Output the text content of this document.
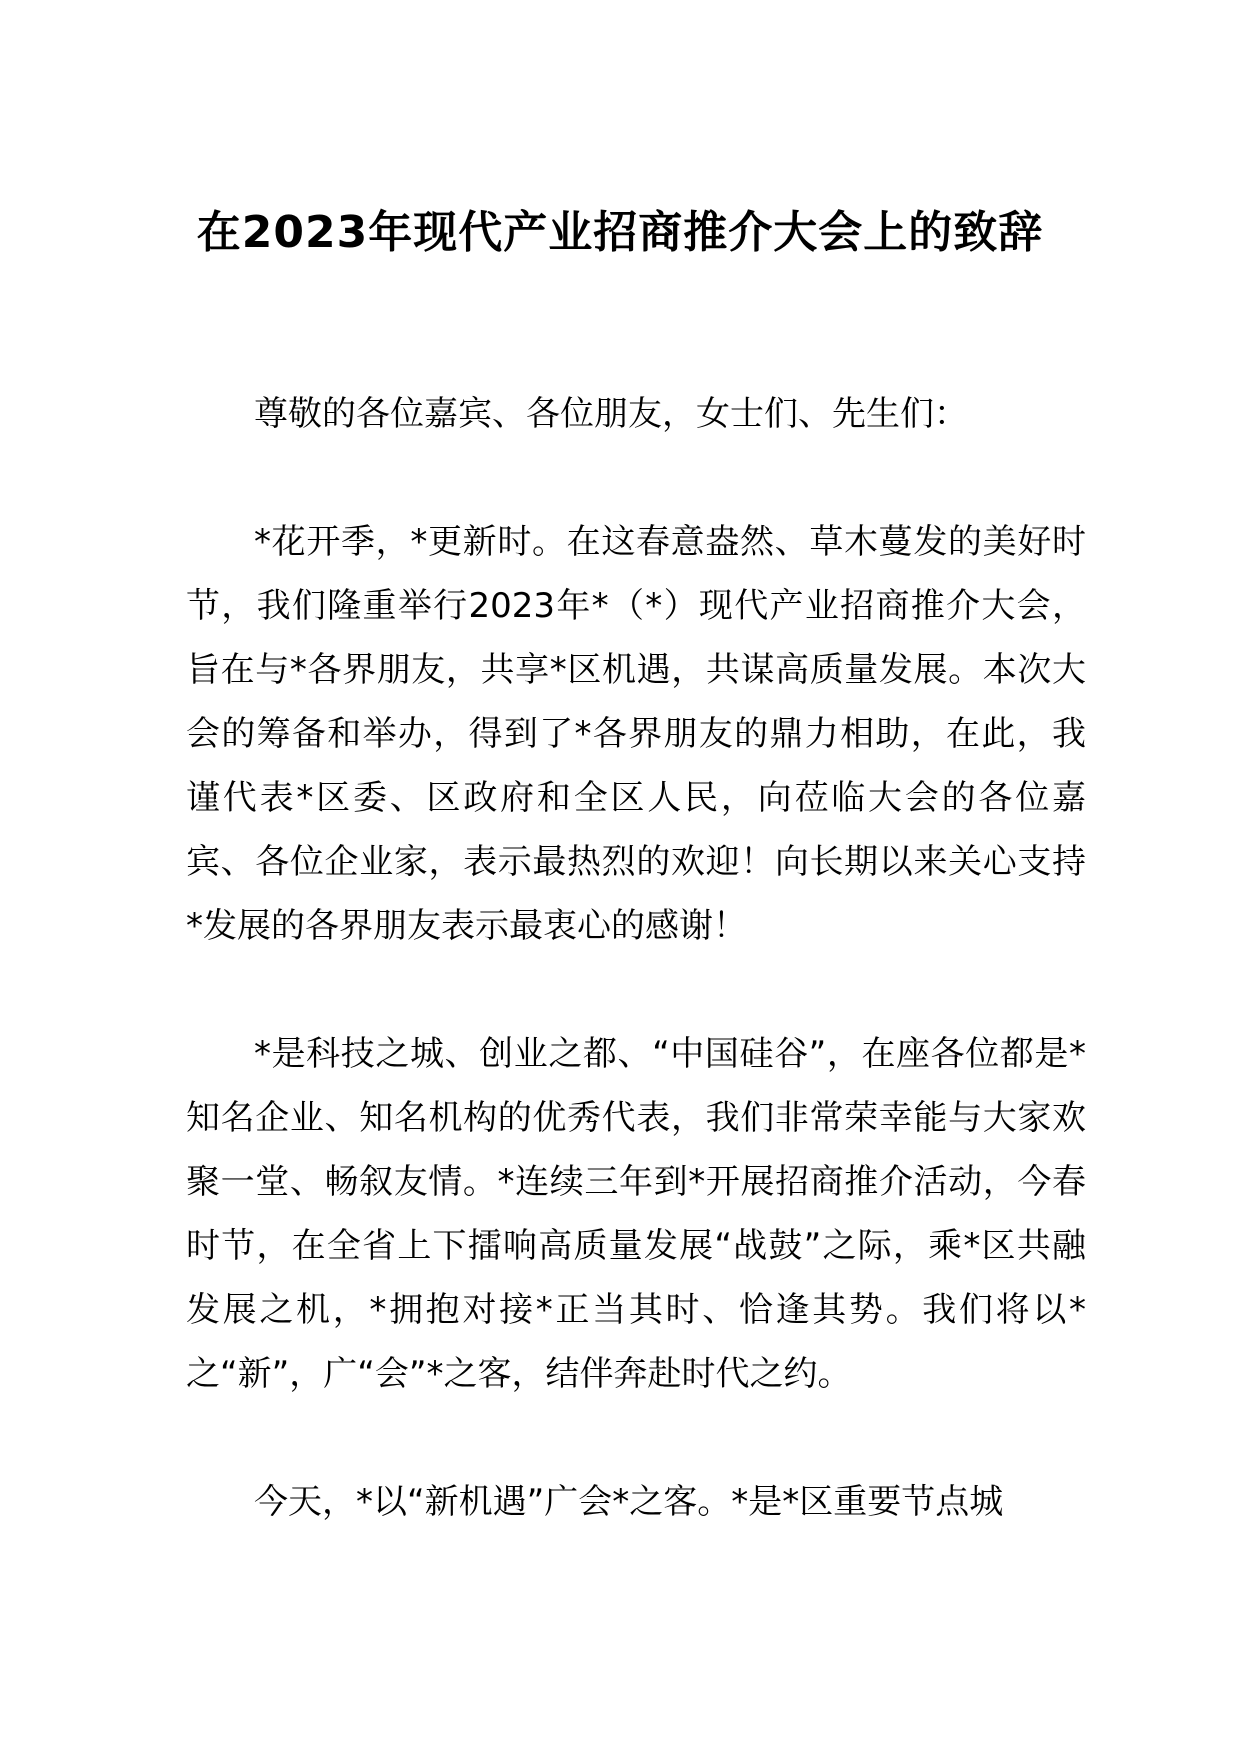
在2023年现代产业招商推介大会上的致辞

尊敬的各位嘉宾、各位朋友，女士们、先生们：

*花开季，*更新时。在这春意盎然、草木蔓发的美好时节，我们隆重举行2023年*（*）现代产业招商推介大会，旨在与*各界朋友，共享*区机遇，共谋高质量发展。本次大会的筹备和举办，得到了*各界朋友的鼎力相助，在此，我谨代表*区委、区政府和全区人民，向莅临大会的各位嘉宾、各位企业家，表示最热烈的欢迎！向长期以来关心支持*发展的各界朋友表示最衷心的感谢！

*是科技之城、创业之都、“中国硅谷”，在座各位都是*知名企业、知名机构的优秀代表，我们非常荣幸能与大家欢聚一堂、畅叙友情。*连续三年到*开展招商推介活动，今春时节，在全省上下擂响高质量发展“战鼓”之际，乘*区共融发展之机，*拥抱对接*正当其时、恰逢其势。我们将以*之“新”，广“会”*之客，结伴奔赴时代之约。

今天，*以“新机遇”广会*之客。*是*区重要节点城
